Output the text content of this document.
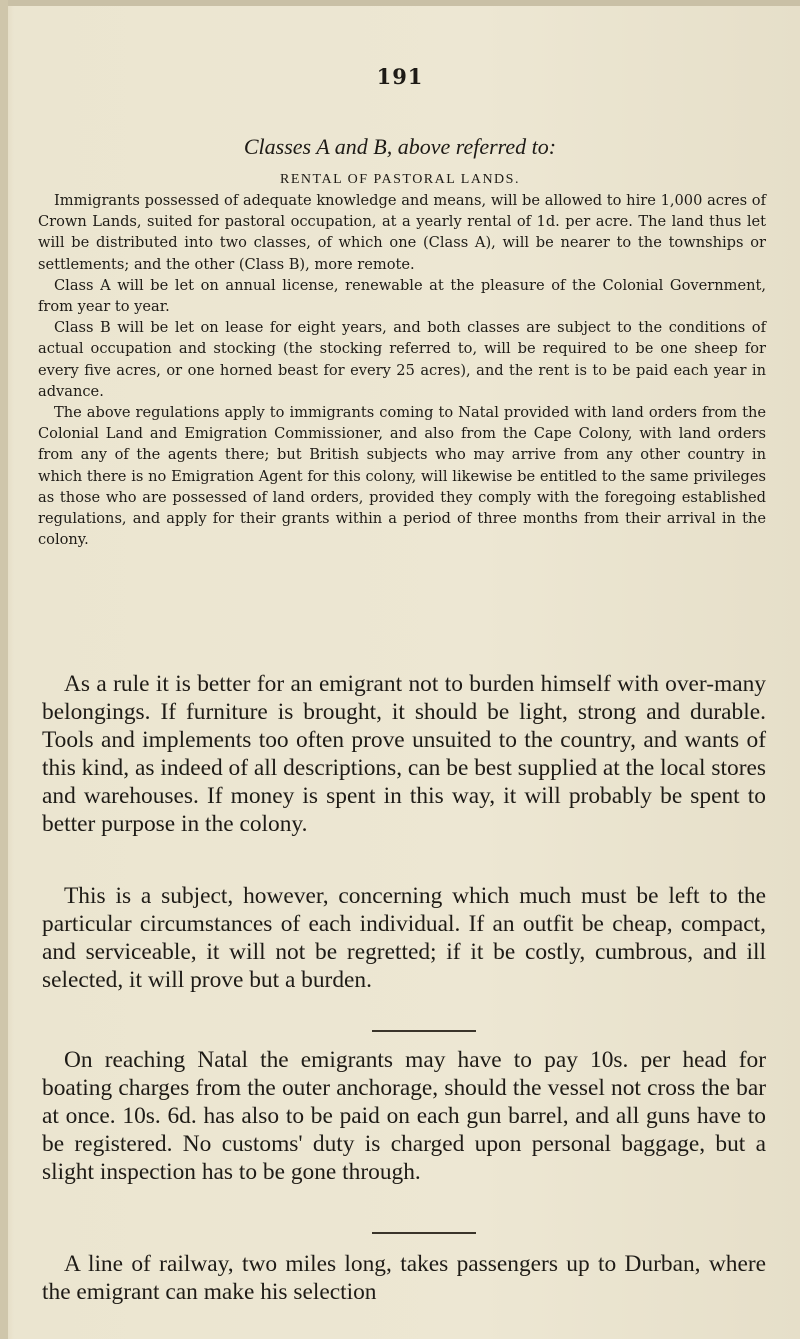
191
Classes A and B, above referred to:
RENTAL OF PASTORAL LANDS.

Immigrants possessed of adequate knowledge and means, will be allowed to hire 1,000 acres of Crown Lands, suited for pastoral occupation, at a yearly rental of 1d. per acre. The land thus let will be distributed into two classes, of which one (Class A), will be nearer to the townships or settlements; and the other (Class B), more remote.

Class A will be let on annual license, renewable at the pleasure of the Colonial Government, from year to year.

Class B will be let on lease for eight years, and both classes are subject to the conditions of actual occupation and stocking (the stocking referred to, will be required to be one sheep for every five acres, or one horned beast for every 25 acres), and the rent is to be paid each year in advance.

The above regulations apply to immigrants coming to Natal provided with land orders from the Colonial Land and Emigration Commissioner, and also from the Cape Colony, with land orders from any of the agents there; but British subjects who may arrive from any other country in which there is no Emigration Agent for this colony, will likewise be entitled to the same privileges as those who are possessed of land orders, provided they comply with the foregoing established regulations, and apply for their grants within a period of three months from their arrival in the colony.

As a rule it is better for an emigrant not to burden himself with over-many belongings. If furniture is brought, it should be light, strong and durable. Tools and implements too often prove unsuited to the country, and wants of this kind, as indeed of all descriptions, can be best supplied at the local stores and warehouses. If money is spent in this way, it will probably be spent to better purpose in the colony.

This is a subject, however, concerning which much must be left to the particular circumstances of each individual. If an outfit be cheap, compact, and serviceable, it will not be regretted; if it be costly, cumbrous, and ill selected, it will prove but a burden.

On reaching Natal the emigrants may have to pay 10s. per head for boating charges from the outer anchorage, should the vessel not cross the bar at once. 10s. 6d. has also to be paid on each gun barrel, and all guns have to be registered. No customs' duty is charged upon personal baggage, but a slight inspection has to be gone through.

A line of railway, two miles long, takes passengers up to Durban, where the emigrant can make his selection
